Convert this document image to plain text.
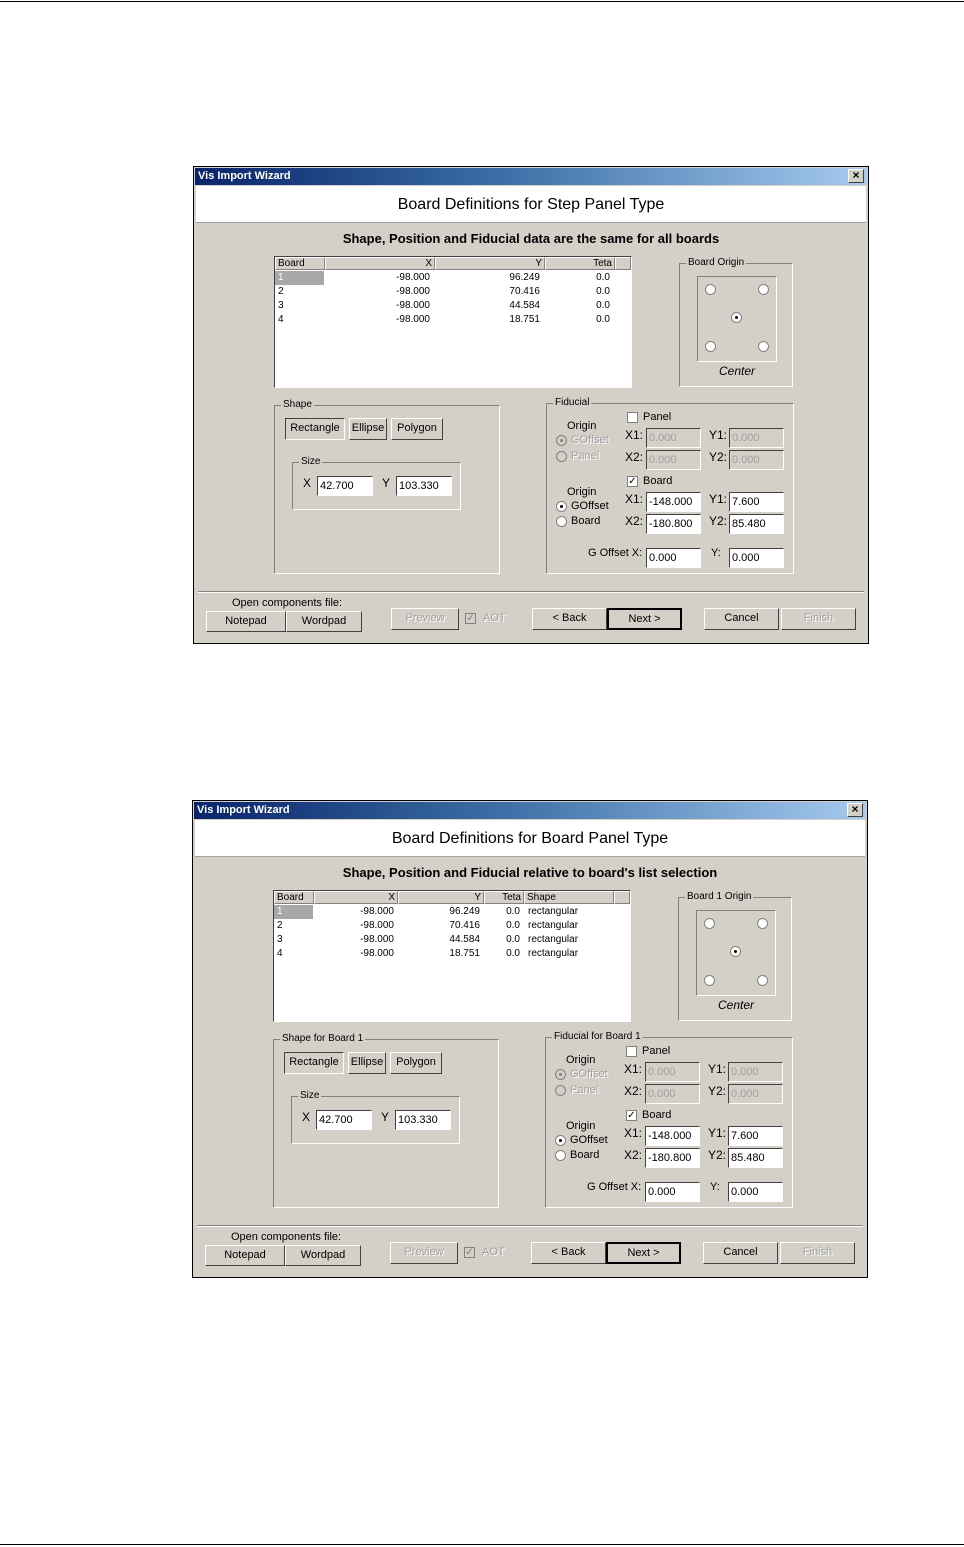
Vis Import Wizard	×
Board Definitions for Step Panel Type
Shape, Position and Fiducial data are the same for all boards
Board	X	Y	Teta
1	-98.000	96.249	0.0
2	-98.000	70.416	0.0
3	-98.000	44.584	0.0
4	-98.000	18.751	0.0
Board Origin
Center
Shape
Rectangle	Ellipse	Polygon
Size
X 42.700	Y 103.330
Fiducial
Panel
Origin
GOffset
Panel
X1: 0.000	Y1: 0.000
X2: 0.000	Y2: 0.000
✓ Board
Origin
GOffset
Board
X1: -148.000	Y1: 7.600
X2: -180.800	Y2: 85.480
G Offset X: 0.000	Y: 0.000
Open components file:
Notepad	Wordpad	Preview	✓ AOT	< Back	Next >	Cancel	Finish
Vis Import Wizard	×
Board Definitions for Board Panel Type
Shape, Position and Fiducial relative to board's list selection
Board	X	Y	Teta Shape
1	-98.000	96.249	0.0 rectangular
2	-98.000	70.416	0.0 rectangular
3	-98.000	44.584	0.0 rectangular
4	-98.000	18.751	0.0 rectangular
Board 1 Origin
Center
Shape for Board 1
Rectangle	Ellipse	Polygon
Size
X 42.700	Y 103.330
Fiducial for Board 1
Panel
Origin
GOffset
Panel
X1: 0.000	Y1: 0.000
X2: 0.000	Y2: 0.000
✓ Board
Origin
GOffset
Board
X1: -148.000	Y1: 7.600
X2: -180.800	Y2: 85.480
G Offset X: 0.000	Y: 0.000
Open components file:
Notepad	Wordpad	Preview	✓ AOT	< Back	Next >	Cancel	Finish
